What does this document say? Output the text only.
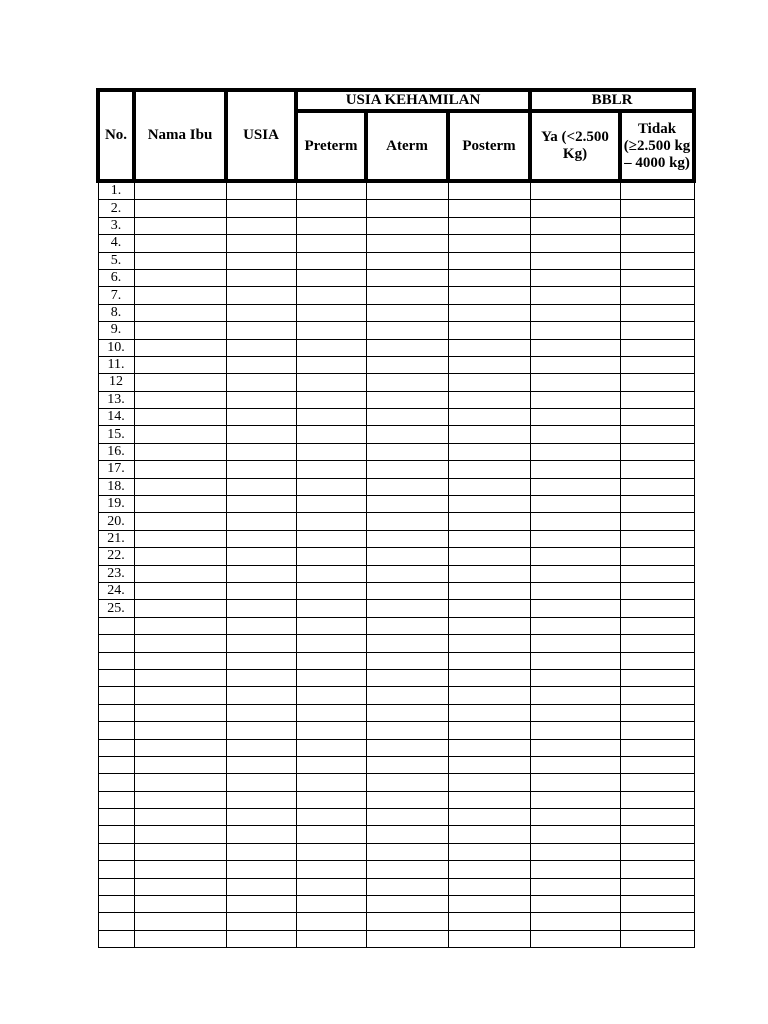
No.	Nama Ibu	USIA	USIA KEHAMILAN			BBLR	
			Preterm	Aterm	Posterm	Ya (<2.500 Kg)	Tidak (≥2.500 kg – 4000 kg)
1.							
2.							
3.							
4.							
5.							
6.							
7.							
8.							
9.							
10.							
11.							
12							
13.							
14.							
15.							
16.							
17.							
18.							
19.							
20.							
21.							
22.							
23.							
24.							
25.							
